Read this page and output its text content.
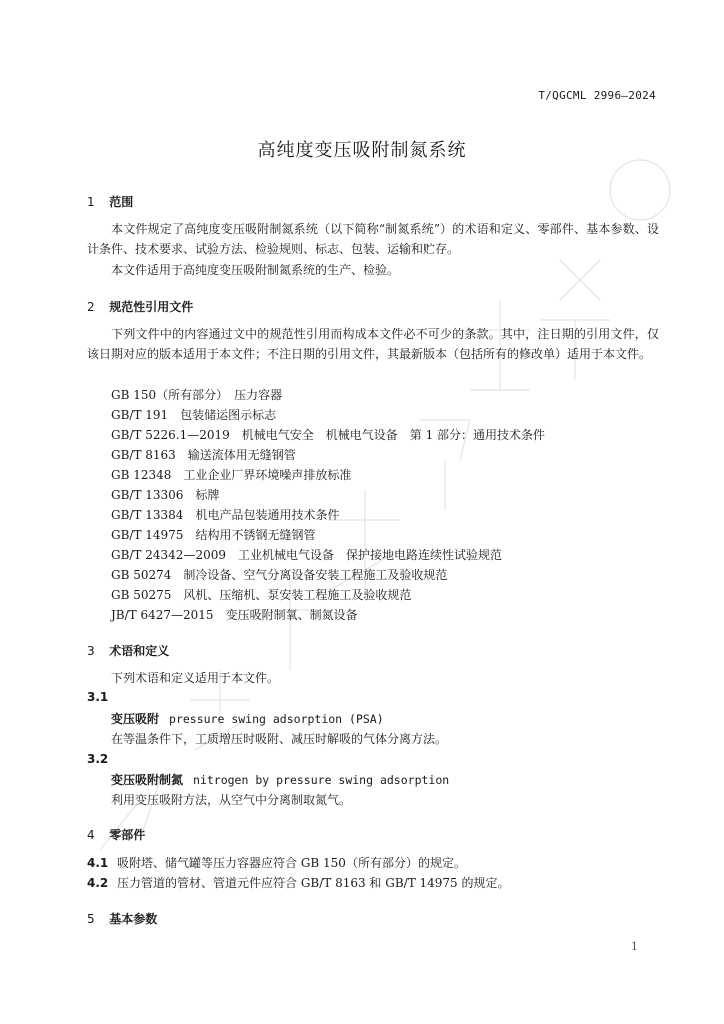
T/QGCML 2996—2024
高纯度变压吸附制氮系统
1 范围
本文件规定了高纯度变压吸附制氮系统（以下简称“制氮系统”）的术语和定义、零部件、基本参数、设计条件、技术要求、试验方法、检验规则、标志、包装、运输和贮存。
本文件适用于高纯度变压吸附制氮系统的生产、检验。
2 规范性引用文件
下列文件中的内容通过文中的规范性引用而构成本文件必不可少的条款。其中，注日期的引用文件，仅该日期对应的版本适用于本文件；不注日期的引用文件，其最新版本（包括所有的修改单）适用于本文件。
GB 150（所有部分）　压力容器
GB/T 191　包装储运图示标志
GB/T 5226.1—2019　机械电气安全　机械电气设备　第 1 部分：通用技术条件
GB/T 8163　输送流体用无缝钢管
GB 12348　工业企业厂界环境噪声排放标准
GB/T 13306　标牌
GB/T 13384　机电产品包装通用技术条件
GB/T 14975　结构用不锈钢无缝钢管
GB/T 24342—2009　工业机械电气设备　保护接地电路连续性试验规范
GB 50274　制冷设备、空气分离设备安装工程施工及验收规范
GB 50275　风机、压缩机、泵安装工程施工及验收规范
JB/T 6427—2015　变压吸附制氧、制氮设备
3 术语和定义
下列术语和定义适用于本文件。
3.1
变压吸附 pressure swing adsorption (PSA)
在等温条件下，工质增压时吸附、减压时解吸的气体分离方法。
3.2
变压吸附制氮 nitrogen by pressure swing adsorption
利用变压吸附方法，从空气中分离制取氮气。
4 零部件
4.1 吸附塔、储气罐等压力容器应符合 GB 150（所有部分）的规定。
4.2 压力管道的管材、管道元件应符合 GB/T 8163 和 GB/T 14975 的规定。
5 基本参数
1
